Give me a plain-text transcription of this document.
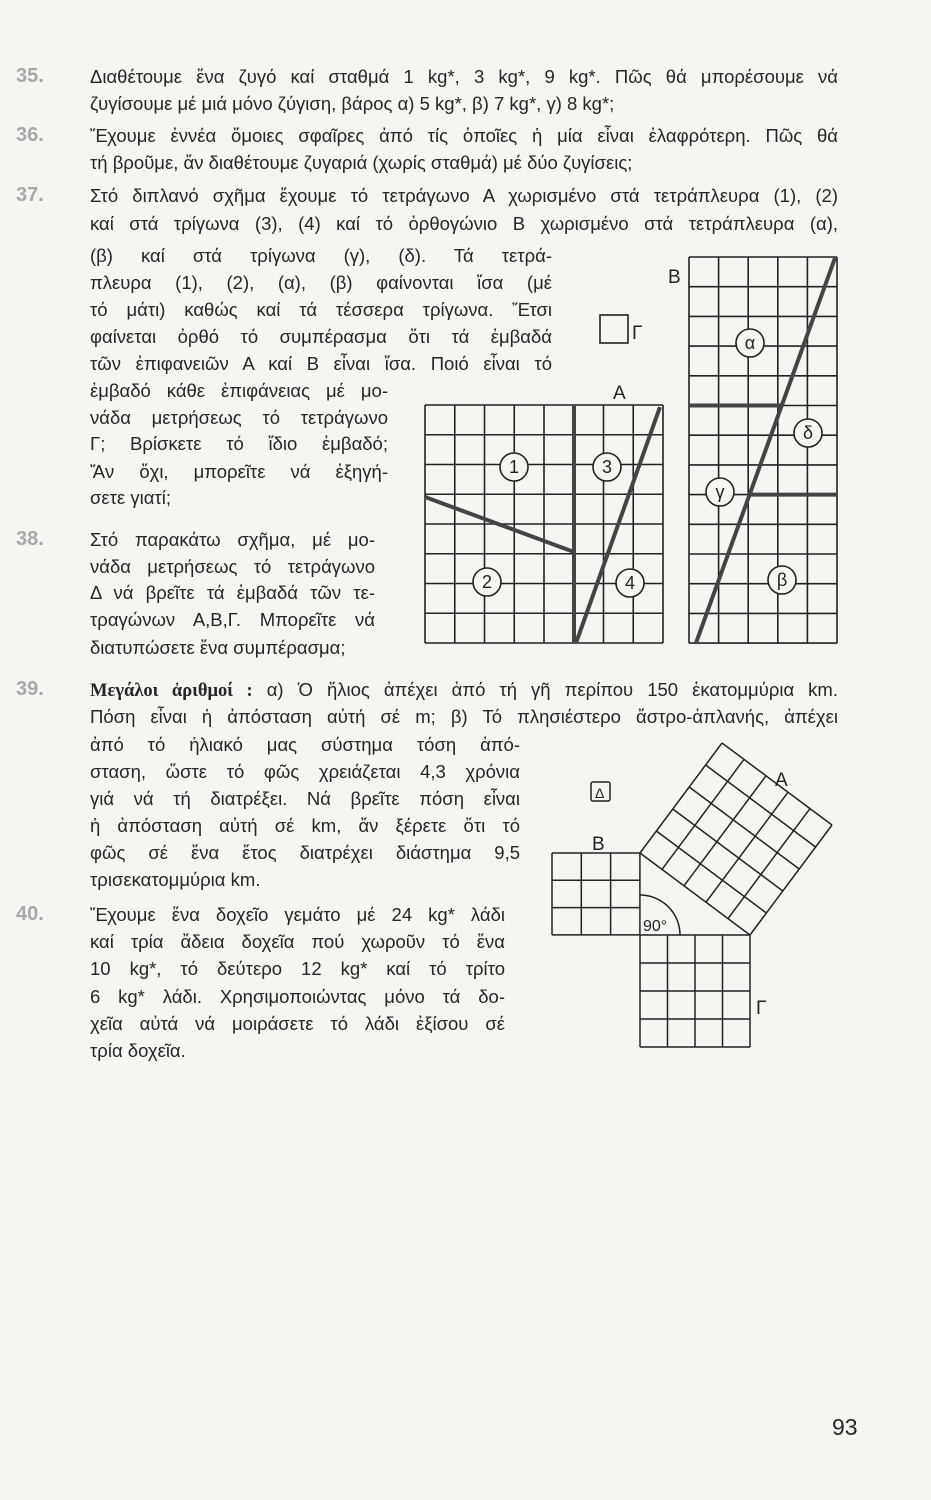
35. Διαθέτουμε ἕνα ζυγό καί σταθμά 1 kg*, 3 kg*, 9 kg*. Πῶς θά μπορέσουμε νά
ζυγίσουμε μέ μιά μόνο ζύγιση, βάρος α) 5 kg*, β) 7 kg*, γ) 8 kg*;
36. Ἔχουμε ἐννέα ὅμοιες σφαῖρες ἀπό τίς ὁποῖες ἡ μία εἶναι ἐλαφρότερη. Πῶς θά
τή βροῦμε, ἄν διαθέτουμε ζυγαριά (χωρίς σταθμά) μέ δύο ζυγίσεις;
37. Στό διπλανό σχῆμα ἔχουμε τό τετράγωνο Α χωρισμένο στά τετράπλευρα (1), (2)
καί στά τρίγωνα (3), (4) καί τό ὀρθογώνιο Β χωρισμένο στά τετράπλευρα (α),
(β) καί στά τρίγωνα (γ), (δ). Τά τετρά-
πλευρα (1), (2), (α), (β) φαίνονται ἴσα (μέ
τό μάτι) καθώς καί τά τέσσερα τρίγωνα. Ἔτσι
φαίνεται ὀρθό τό συμπέρασμα ὅτι τά ἐμβαδά
τῶν ἐπιφανειῶν Α καί Β εἶναι ἴσα. Ποιό εἶναι τό
ἐμβαδό κάθε ἐπιφάνειας μέ μο-
νάδα μετρήσεως τό τετράγωνο
Γ; Βρίσκετε τό ἴδιο ἐμβαδό;
Ἄν ὄχι, μπορεῖτε νά ἐξηγή-
σετε γιατί;
38. Στό παρακάτω σχῆμα, μέ μο-
νάδα μετρήσεως τό τετράγωνο
Δ νά βρεῖτε τά ἐμβαδά τῶν τε-
τραγώνων Α,Β,Γ. Μπορεῖτε νά
διατυπώσετε ἕνα συμπέρασμα;
39. Μεγάλοι ἀριθμοί : α) Ὁ ἥλιος ἀπέχει ἀπό τή γῆ περίπου 150 ἑκατομμύρια km.
Πόση εἶναι ἡ ἀπόσταση αὐτή σέ m; β) Τό πλησιέστερο ἄστρο-ἀπλανής, ἀπέχει
ἀπό τό ἡλιακό μας σύστημα τόση ἀπό-
σταση, ὥστε τό φῶς χρειάζεται 4,3 χρόνια
γιά νά τή διατρέξει. Νά βρεῖτε πόση εἶναι
ἡ ἀπόσταση αὐτή σέ km, ἄν ξέρετε ὅτι τό
φῶς σέ ἕνα ἔτος διατρέχει διάστημα 9,5
τρισεκατομμύρια km.
40. Ἔχουμε ἕνα δοχεῖο γεμάτο μέ 24 kg* λάδι
καί τρία ἄδεια δοχεῖα πού χωροῦν τό ἕνα
10 kg*, τό δεύτερο 12 kg* καί τό τρίτο
6 kg* λάδι. Χρησιμοποιώντας μόνο τά δο-
χεῖα αὐτά νά μοιράσετε τό λάδι ἐξίσου σέ
τρία δοχεῖα.
Γ
Α
Β
1
2
3
4
α
β
γ
δ
Δ
90°
Α
Β
Γ
93
